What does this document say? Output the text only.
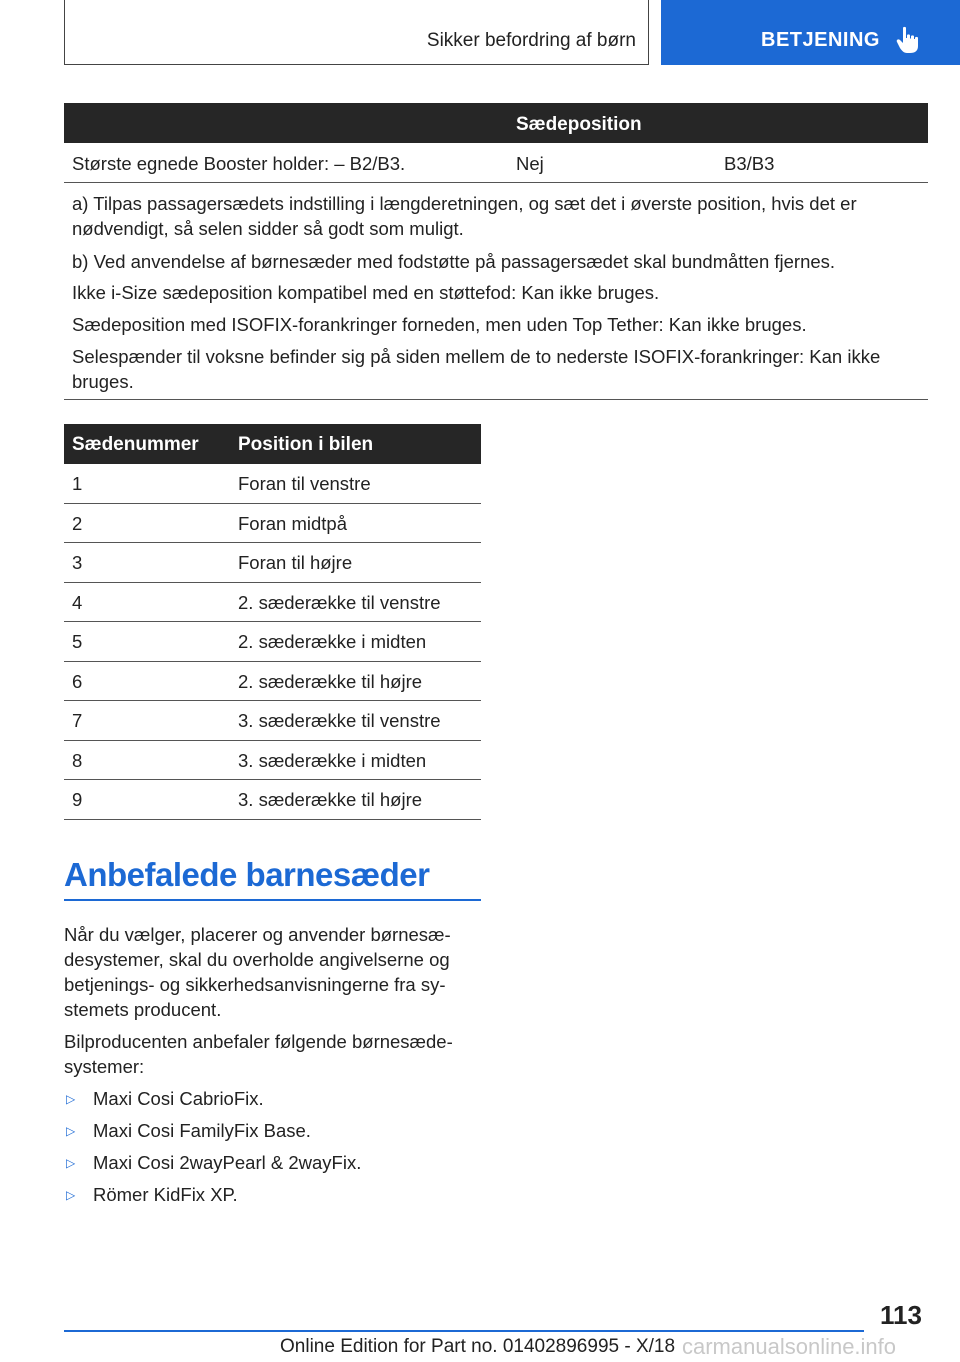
Sikker befordring af børn	BETJENING
Sædeposition
Største egnede Booster holder: – B2/B3.	Nej	B3/B3

a) Tilpas passagersædets indstilling i længderetningen, og sæt det i øverste position, hvis det er nødvendigt, så selen sidder så godt som muligt.

b) Ved anvendelse af børnesæder med fodstøtte på passagersædet skal bundmåtten fjernes.

Ikke i-Size sædeposition kompatibel med en støttefod: Kan ikke bruges.

Sædeposition med ISOFIX-forankringer forneden, men uden Top Tether: Kan ikke bruges.

Selespænder til voksne befinder sig på siden mellem de to nederste ISOFIX-forankringer: Kan ikke bruges.

Sædenummer Position i bilen
1	Foran til venstre
2	Foran midtpå
3	Foran til højre
4	2. sæderække til venstre
5	2. sæderække i midten
6	2. sæderække til højre
7	3. sæderække til venstre
8	3. sæderække i midten
9	3. sæderække til højre
Anbefalede barnesæder
Når du vælger, placerer og anvender børnesæ-
desystemer, skal du overholde angivelserne og
betjenings- og sikkerhedsanvisningerne fra sy-
stemets producent.
Bilproducenten anbefaler følgende børnesæde-
systemer:
▷ Maxi Cosi CabrioFix.
▷ Maxi Cosi FamilyFix Base.
▷ Maxi Cosi 2wayPearl & 2wayFix.
▷ Römer KidFix XP.
113
Online Edition for Part no. 01402896995 - X/18 carmanualsonline.info
